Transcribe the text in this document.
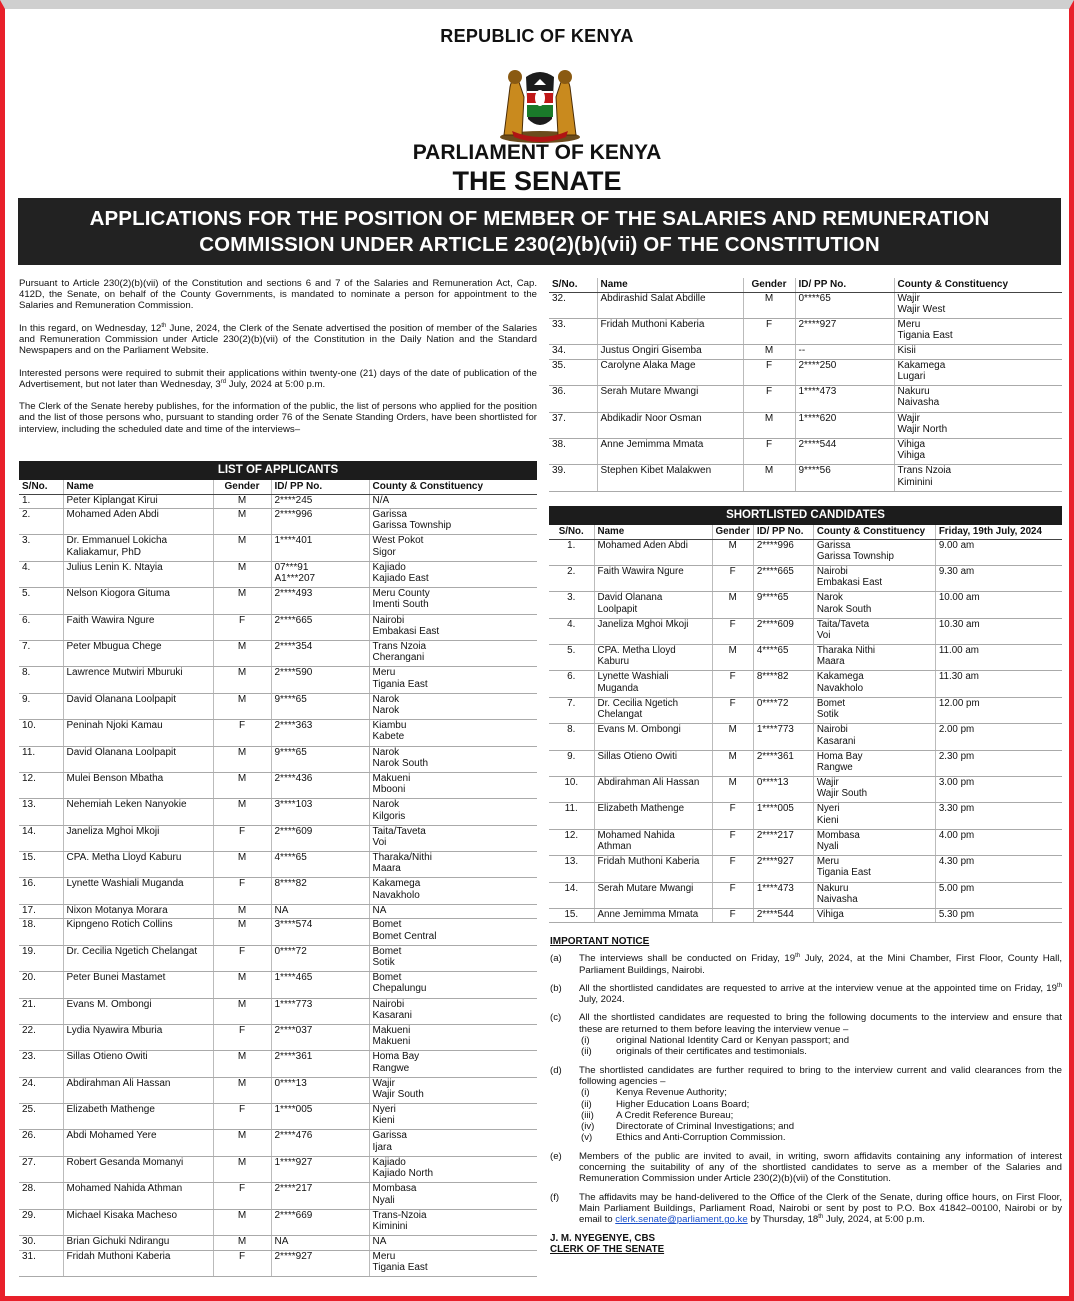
REPUBLIC OF KENYA
PARLIAMENT OF KENYA
THE SENATE
APPLICATIONS FOR THE POSITION OF MEMBER OF THE SALARIES AND REMUNERATION
COMMISSION UNDER ARTICLE 230(2)(b)(vii) OF THE CONSTITUTION

Pursuant to Article 230(2)(b)(vii) of the Constitution and sections 6 and 7 of the Salaries and Remuneration Act, Cap. 412D, the Senate, on behalf of the County Governments, is mandated to nominate a person for appointment to the Salaries and Remuneration Commission.

In this regard, on Wednesday, 12th June, 2024, the Clerk of the Senate advertised the position of member of the Salaries and Remuneration Commission under Article 230(2)(b)(vii) of the Constitution in the Daily Nation and the Standard Newspapers and on the Parliament Website.

Interested persons were required to submit their applications within twenty-one (21) days of the date of publication of the Advertisement, but not later than Wednesday, 3rd July, 2024 at 5:00 p.m.

The Clerk of the Senate hereby publishes, for the information of the public, the list of persons who applied for the position and the list of those persons who, pursuant to standing order 76 of the Senate Standing Orders, have been shortlisted for interview, including the scheduled date and time of the interviews–

LIST OF APPLICANTS
S/No.	Name	Gender	ID/ PP No.	County & Constituency
1.	Peter Kiplangat Kirui	M	2****245	N/A
2.	Mohamed Aden Abdi	M	2****996	Garissa
Garissa Township
3.	Dr. Emmanuel Lokicha
Kaliakamur, PhD	M	1****401	West Pokot
Sigor
4.	Julius Lenin K. Ntayia	M	07***91
A1***207	Kajiado
Kajiado East
5.	Nelson Kiogora Gituma	M	2****493	Meru County
Imenti South
6.	Faith Wawira Ngure	F	2****665	Nairobi
Embakasi East
7.	Peter Mbugua Chege	M	2****354	Trans Nzoia
Cherangani
8.	Lawrence Mutwiri Mburuki	M	2****590	Meru
Tigania East
9.	David Olanana Loolpapit	M	9****65	Narok
Narok
10.	Peninah Njoki Kamau	F	2****363	Kiambu
Kabete
11.	David Olanana Loolpapit	M	9****65	Narok
Narok South
12.	Mulei Benson Mbatha	M	2****436	Makueni
Mbooni
13.	Nehemiah Leken Nanyokie	M	3****103	Narok
Kilgoris
14.	Janeliza Mghoi Mkoji	F	2****609	Taita/Taveta
Voi
15.	CPA. Metha Lloyd Kaburu	M	4****65	Tharaka/Nithi
Maara
16.	Lynette Washiali Muganda	F	8****82	Kakamega
Navakholo
17.	Nixon Motanya Morara	M	NA	NA
18.	Kipngeno Rotich Collins	M	3****574	Bomet
Bomet Central
19.	Dr. Cecilia Ngetich Chelangat	F	0****72	Bomet
Sotik
20.	Peter Bunei Mastamet	M	1****465	Bomet
Chepalungu
21.	Evans M. Ombongi	M	1****773	Nairobi
Kasarani
22.	Lydia Nyawira Mburia	F	2****037	Makueni
Makueni
23.	Sillas Otieno Owiti	M	2****361	Homa Bay
Rangwe
24.	Abdirahman Ali Hassan	M	0****13	Wajir
Wajir South
25.	Elizabeth Mathenge	F	1****005	Nyeri
Kieni
26.	Abdi Mohamed Yere	M	2****476	Garissa
Ijara
27.	Robert Gesanda Momanyi	M	1****927	Kajiado
Kajiado North
28.	Mohamed Nahida Athman	F	2****217	Mombasa
Nyali
29.	Michael Kisaka Macheso	M	2****669	Trans-Nzoia
Kiminini
30.	Brian Gichuki Ndirangu	M	NA	NA
31.	Fridah Muthoni Kaberia	F	2****927	Meru
Tigania East
S/No.	Name	Gender	ID/ PP No.	County & Constituency
32.	Abdirashid Salat Abdille	M	0****65	Wajir
Wajir West
33.	Fridah Muthoni Kaberia	F	2****927	Meru
Tigania East
34.	Justus Ongiri Gisemba	M	--	Kisii
35.	Carolyne Alaka Mage	F	2****250	Kakamega
Lugari
36.	Serah Mutare Mwangi	F	1****473	Nakuru
Naivasha
37.	Abdikadir Noor Osman	M	1****620	Wajir
Wajir North
38.	Anne Jemimma Mmata	F	2****544	Vihiga
Vihiga
39.	Stephen Kibet Malakwen	M	9****56	Trans Nzoia
Kiminini
SHORTLISTED CANDIDATES
S/No.	Name	Gender	ID/ PP No.	County & Constituency	Friday, 19th July, 2024
1.	Mohamed Aden Abdi	M	2****996	Garissa
Garissa Township	9.00 am
2.	Faith Wawira Ngure	F	2****665	Nairobi
Embakasi East	9.30 am
3.	David Olanana
Loolpapit	M	9****65	Narok
Narok South	10.00 am
4.	Janeliza Mghoi Mkoji	F	2****609	Taita/Taveta
Voi	10.30 am
5.	CPA. Metha Lloyd
Kaburu	M	4****65	Tharaka Nithi
Maara	11.00 am
6.	Lynette Washiali
Muganda	F	8****82	Kakamega
Navakholo	11.30 am
7.	Dr. Cecilia Ngetich
Chelangat	F	0****72	Bomet
Sotik	12.00 pm
8.	Evans M. Ombongi	M	1****773	Nairobi
Kasarani	2.00 pm
9.	Sillas Otieno Owiti	M	2****361	Homa Bay
Rangwe	2.30 pm
10.	Abdirahman Ali Hassan	M	0****13	Wajir
Wajir South	3.00 pm
11.	Elizabeth Mathenge	F	1****005	Nyeri
Kieni	3.30 pm
12.	Mohamed Nahida
Athman	F	2****217	Mombasa
Nyali	4.00 pm
13.	Fridah Muthoni Kaberia	F	2****927	Meru
Tigania East	4.30 pm
14.	Serah Mutare Mwangi	F	1****473	Nakuru
Naivasha	5.00 pm
15.	Anne Jemimma Mmata	F	2****544	Vihiga	5.30 pm
IMPORTANT NOTICE
(a)	The interviews shall be conducted on Friday, 19th July, 2024, at the Mini Chamber, First Floor, County Hall, Parliament Buildings, Nairobi.
(b)	All the shortlisted candidates are requested to arrive at the interview venue at the appointed time on Friday, 19th July, 2024.
(c)	All the shortlisted candidates are requested to bring the following documents to the interview and ensure that these are returned to them before leaving the interview venue –
(i)	original National Identity Card or Kenyan passport; and
(ii)	originals of their certificates and testimonials.
(d)	The shortlisted candidates are further required to bring to the interview current and valid clearances from the following agencies –
(i)	Kenya Revenue Authority;
(ii)	Higher Education Loans Board;
(iii)	A Credit Reference Bureau;
(iv)	Directorate of Criminal Investigations; and
(v)	Ethics and Anti-Corruption Commission.
(e)	Members of the public are invited to avail, in writing, sworn affidavits containing any information of interest concerning the suitability of any of the shortlisted candidates to serve as a member of the Salaries and Remuneration Commission under Article 230(2)(b)(vii) of the Constitution.
(f)	The affidavits may be hand-delivered to the Office of the Clerk of the Senate, during office hours, on First Floor, Main Parliament Buildings, Parliament Road, Nairobi or sent by post to P.O. Box 41842–00100, Nairobi or by email to clerk.senate@parliament.go.ke by Thursday, 18th July, 2024, at 5:00 p.m.
J. M. NYEGENYE, CBS
CLERK OF THE SENATE
